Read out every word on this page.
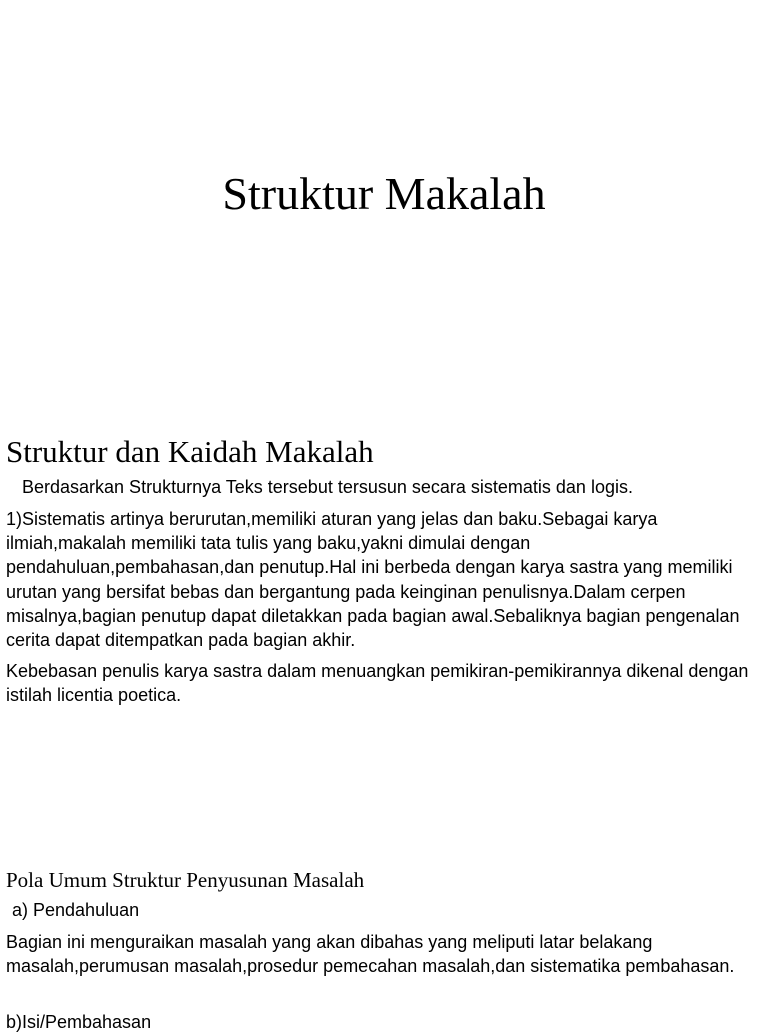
Struktur Makalah
Struktur dan Kaidah Makalah

Berdasarkan Strukturnya Teks tersebut tersusun secara sistematis dan logis.

1)Sistematis artinya berurutan,memiliki aturan yang jelas dan baku.Sebagai karya ilmiah,makalah memiliki tata tulis yang baku,yakni dimulai dengan pendahuluan,pembahasan,dan penutup.Hal ini berbeda dengan karya sastra yang memiliki urutan yang bersifat bebas dan bergantung pada keinginan penulisnya.Dalam cerpen misalnya,bagian penutup dapat diletakkan pada bagian awal.Sebaliknya bagian pengenalan cerita dapat ditempatkan pada bagian akhir.

Kebebasan penulis karya sastra dalam menuangkan pemikiran-pemikirannya dikenal dengan istilah licentia poetica.

Pola Umum Struktur Penyusunan Masalah

a) Pendahuluan

Bagian ini menguraikan masalah yang akan dibahas yang meliputi latar belakang masalah,perumusan masalah,prosedur pemecahan masalah,dan sistematika pembahasan.

b)Isi/Pembahasan
